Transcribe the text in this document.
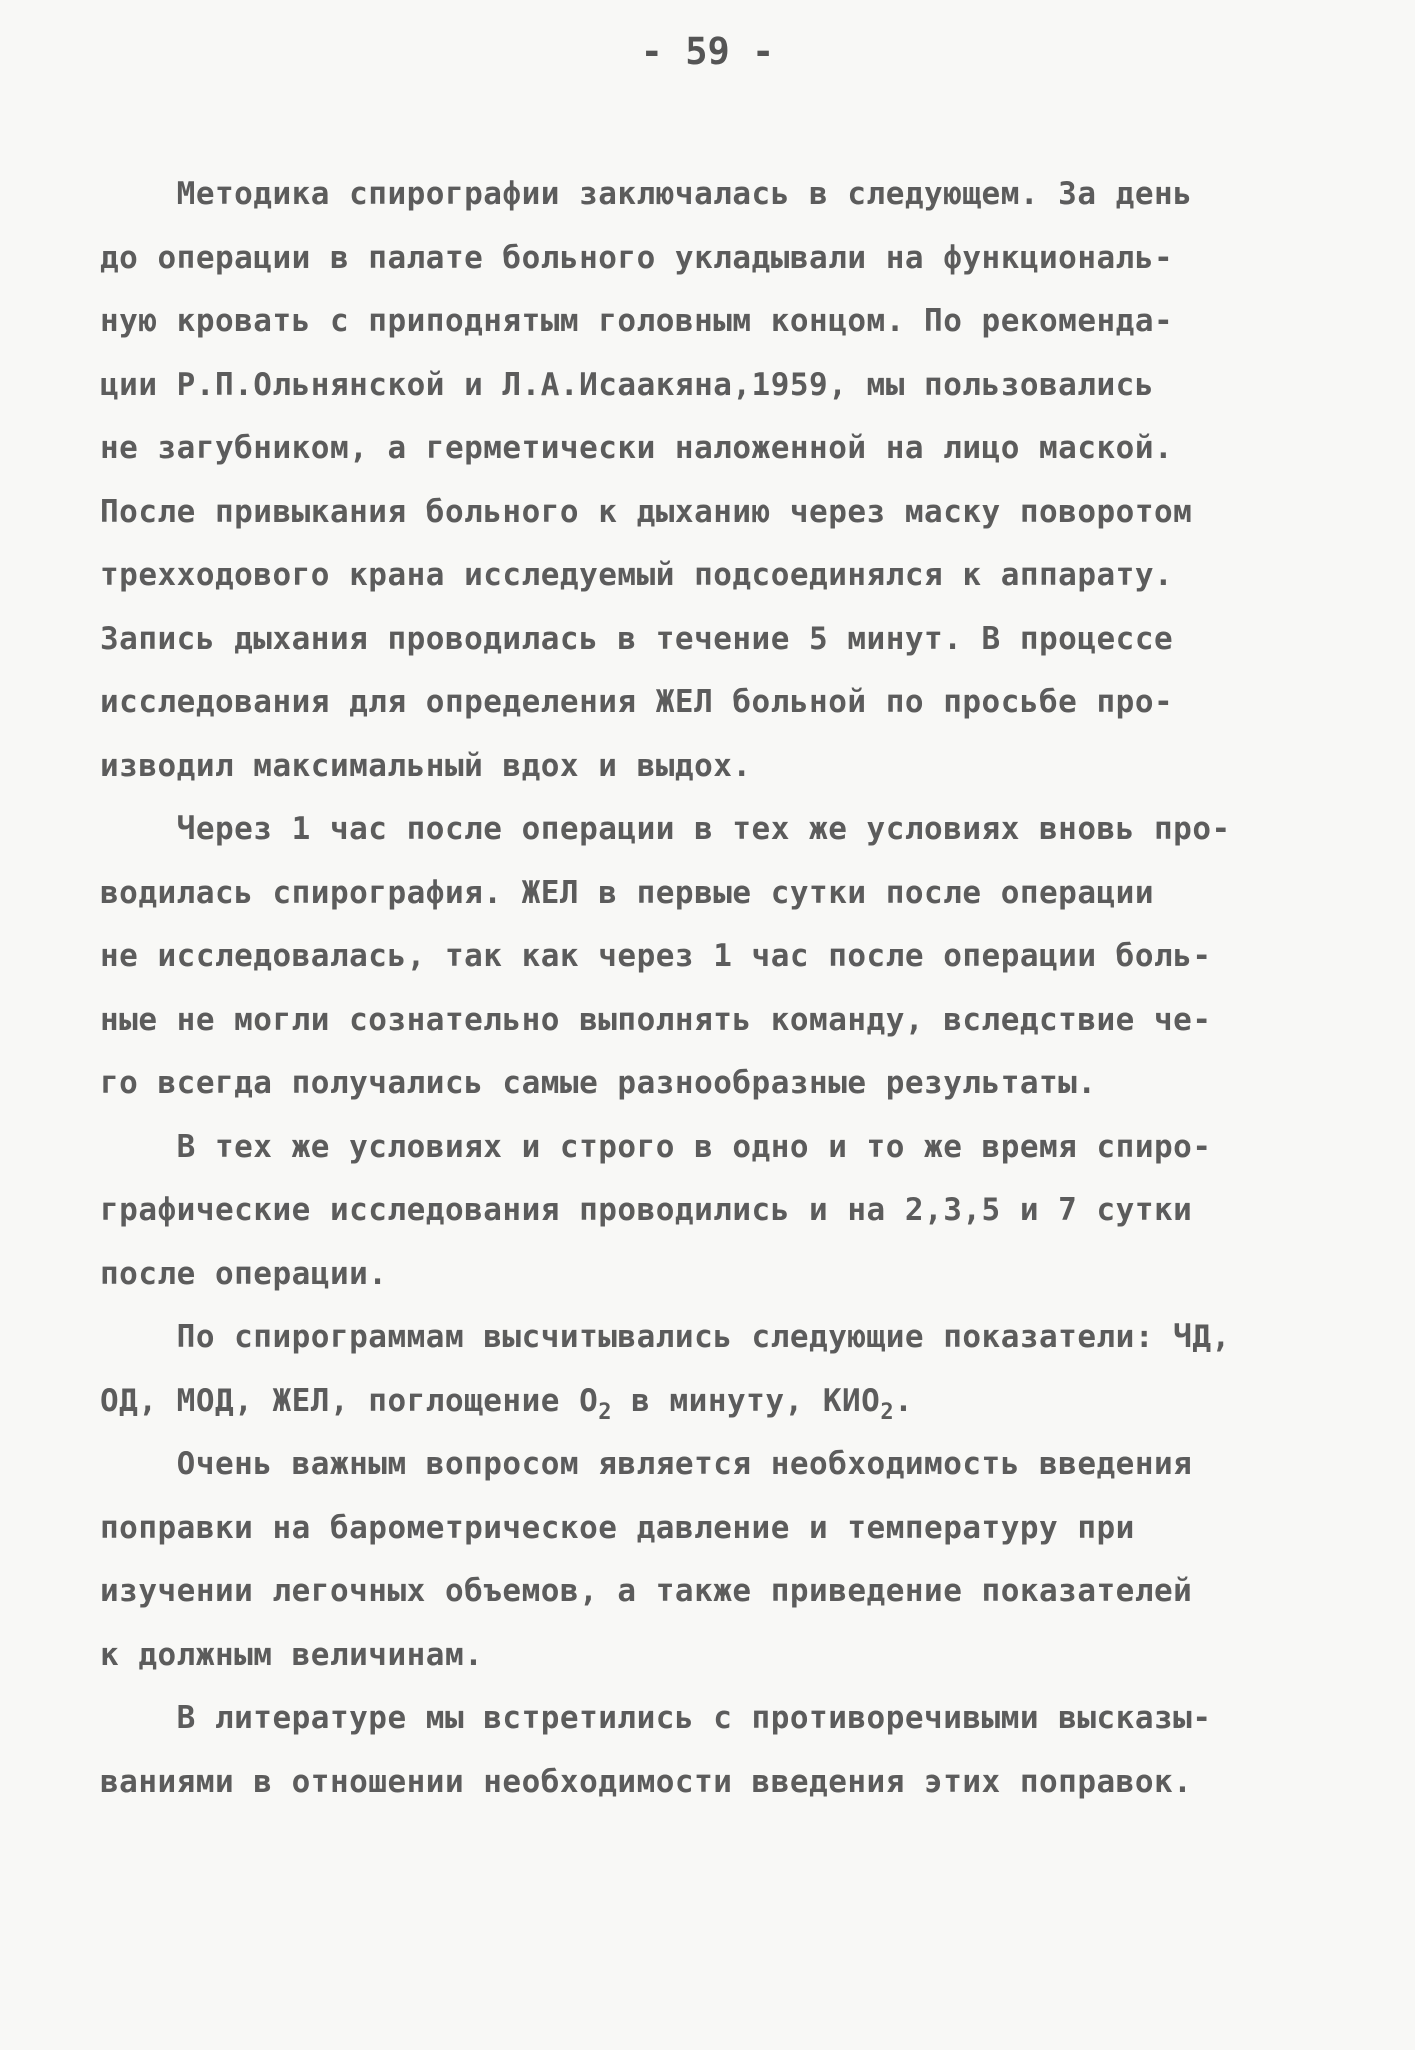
- 59 -
Методика спирографии заключалась в следующем. За день
до операции в палате больного укладывали на функциональ-
ную кровать с приподнятым головным концом. По рекоменда-
ции Р.П.Ольнянской и Л.А.Исаакяна,1959, мы пользовались
не загубником, а герметически наложенной на лицо маской.
После привыкания больного к дыханию через маску поворотом
трехходового крана исследуемый подсоединялся к аппарату.
Запись дыхания проводилась в течение 5 минут. В процессе
исследования для определения ЖЕЛ больной по просьбе про-
изводил максимальный вдох и выдох.
Через 1 час после операции в тех же условиях вновь про-
водилась спирография. ЖЕЛ в первые сутки после операции
не исследовалась, так как через 1 час после операции боль-
ные не могли сознательно выполнять команду, вследствие че-
го всегда получались самые разнообразные результаты.
В тех же условиях и строго в одно и то же время спиро-
графические исследования проводились и на 2,3,5 и 7 сутки
после операции.
По спирограммам высчитывались следующие показатели: ЧД,
ОД, МОД, ЖЕЛ, поглощение $О_2$ в минуту, $КИО_2$.
Очень важным вопросом является необходимость введения
поправки на барометрическое давление и температуру при
изучении легочных объемов, а также приведение показателей
к должным величинам.
В литературе мы встретились с противоречивыми высказы-
ваниями в отношении необходимости введения этих поправок.
